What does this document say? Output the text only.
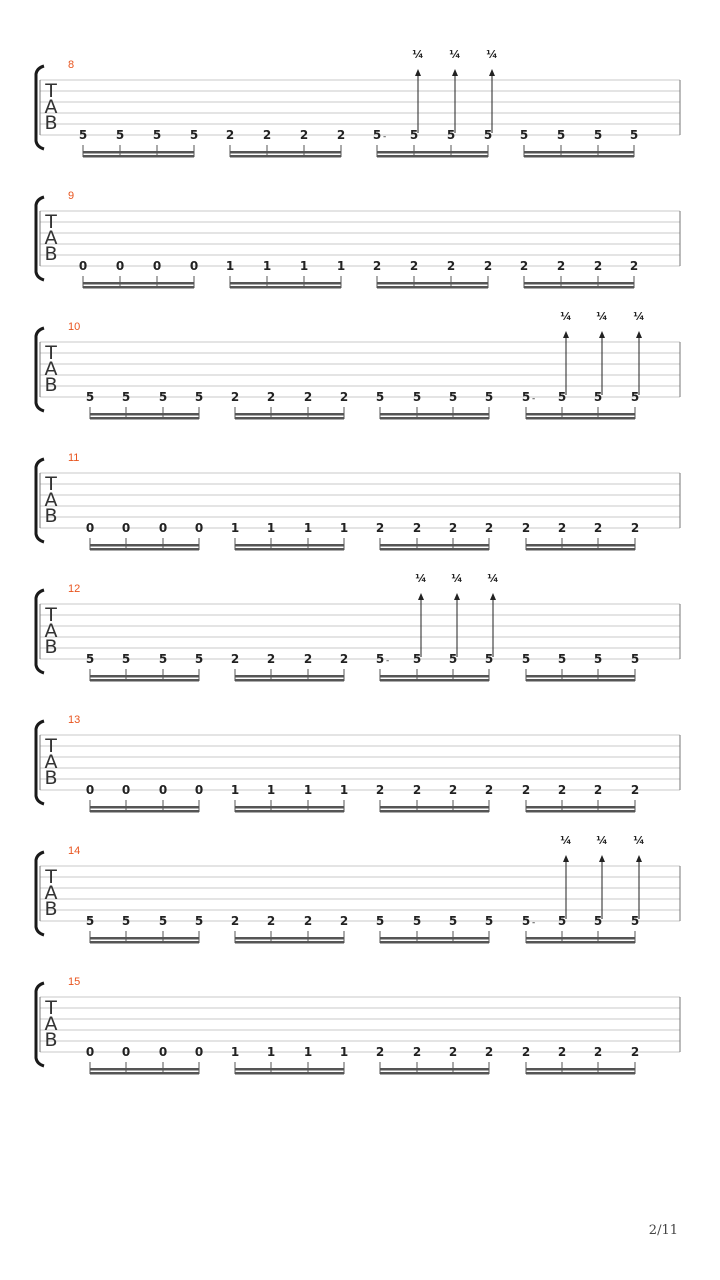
T
A
B
8
5 5 5 5 2 2 2 2 5 5 5 5 5 5 5 5
-
¼ ¼ ¼
T
A
B
9
0 0 0 0 1 1 1 1 2 2 2 2 2 2 2 2
T
A
B
10
5 5 5 5 2 2 2 2 5 5 5 5 5 5 5 5
-
¼ ¼ ¼
T
A
B
11
0 0 0 0 1 1 1 1 2 2 2 2 2 2 2 2
T
A
B
12
5 5 5 5 2 2 2 2 5 5 5 5 5 5 5 5
-
¼ ¼ ¼
T
A
B
13
0 0 0 0 1 1 1 1 2 2 2 2 2 2 2 2
T
A
B
14
5 5 5 5 2 2 2 2 5 5 5 5 5 5 5 5
-
¼ ¼ ¼
T
A
B
15
0 0 0 0 1 1 1 1 2 2 2 2 2 2 2 2
2/11
